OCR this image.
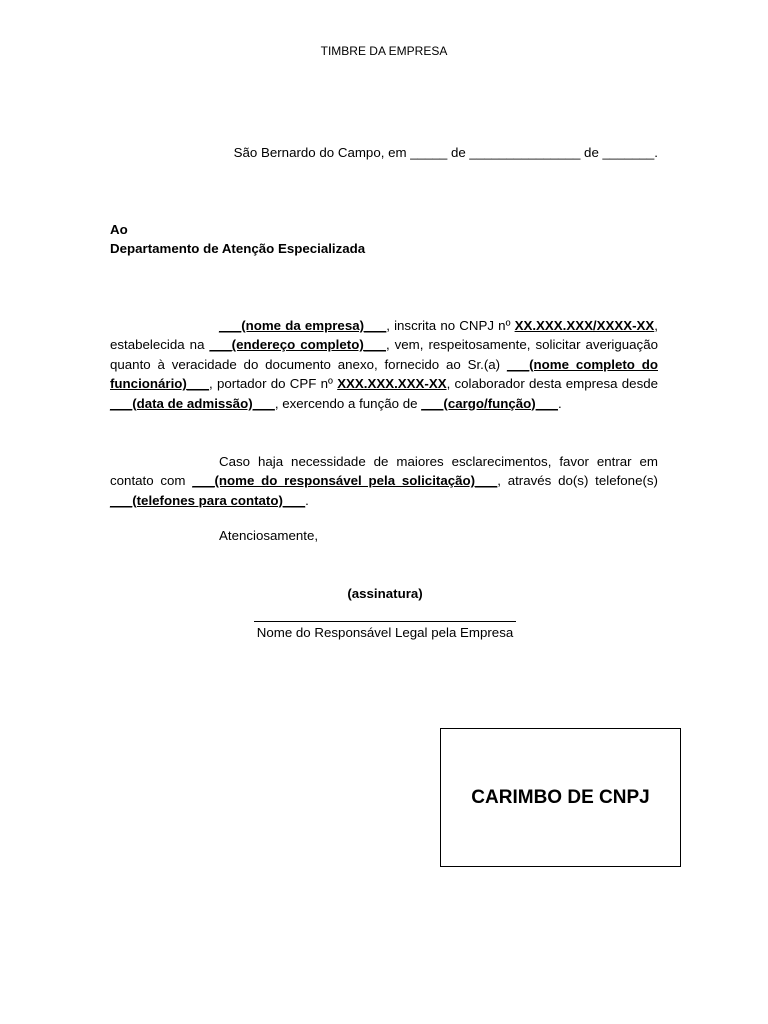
TIMBRE DA EMPRESA
São Bernardo do Campo, em _____ de _______________ de _______.
Ao
Departamento de Atenção Especializada
___(nome da empresa)___, inscrita no CNPJ nº XX.XXX.XXX/XXXX-XX, estabelecida na ___(endereço completo)___, vem, respeitosamente, solicitar averiguação quanto à veracidade do documento anexo, fornecido ao Sr.(a) ___(nome completo do funcionário)___, portador do CPF nº XXX.XXX.XXX-XX, colaborador desta empresa desde ___(data de admissão)___, exercendo a função de ___(cargo/função)___.
Caso haja necessidade de maiores esclarecimentos, favor entrar em contato com ___(nome do responsável pela solicitação)___, através do(s) telefone(s) ___(telefones para contato)___.
Atenciosamente,
(assinatura)
Nome do Responsável Legal pela Empresa
CARIMBO DE CNPJ
